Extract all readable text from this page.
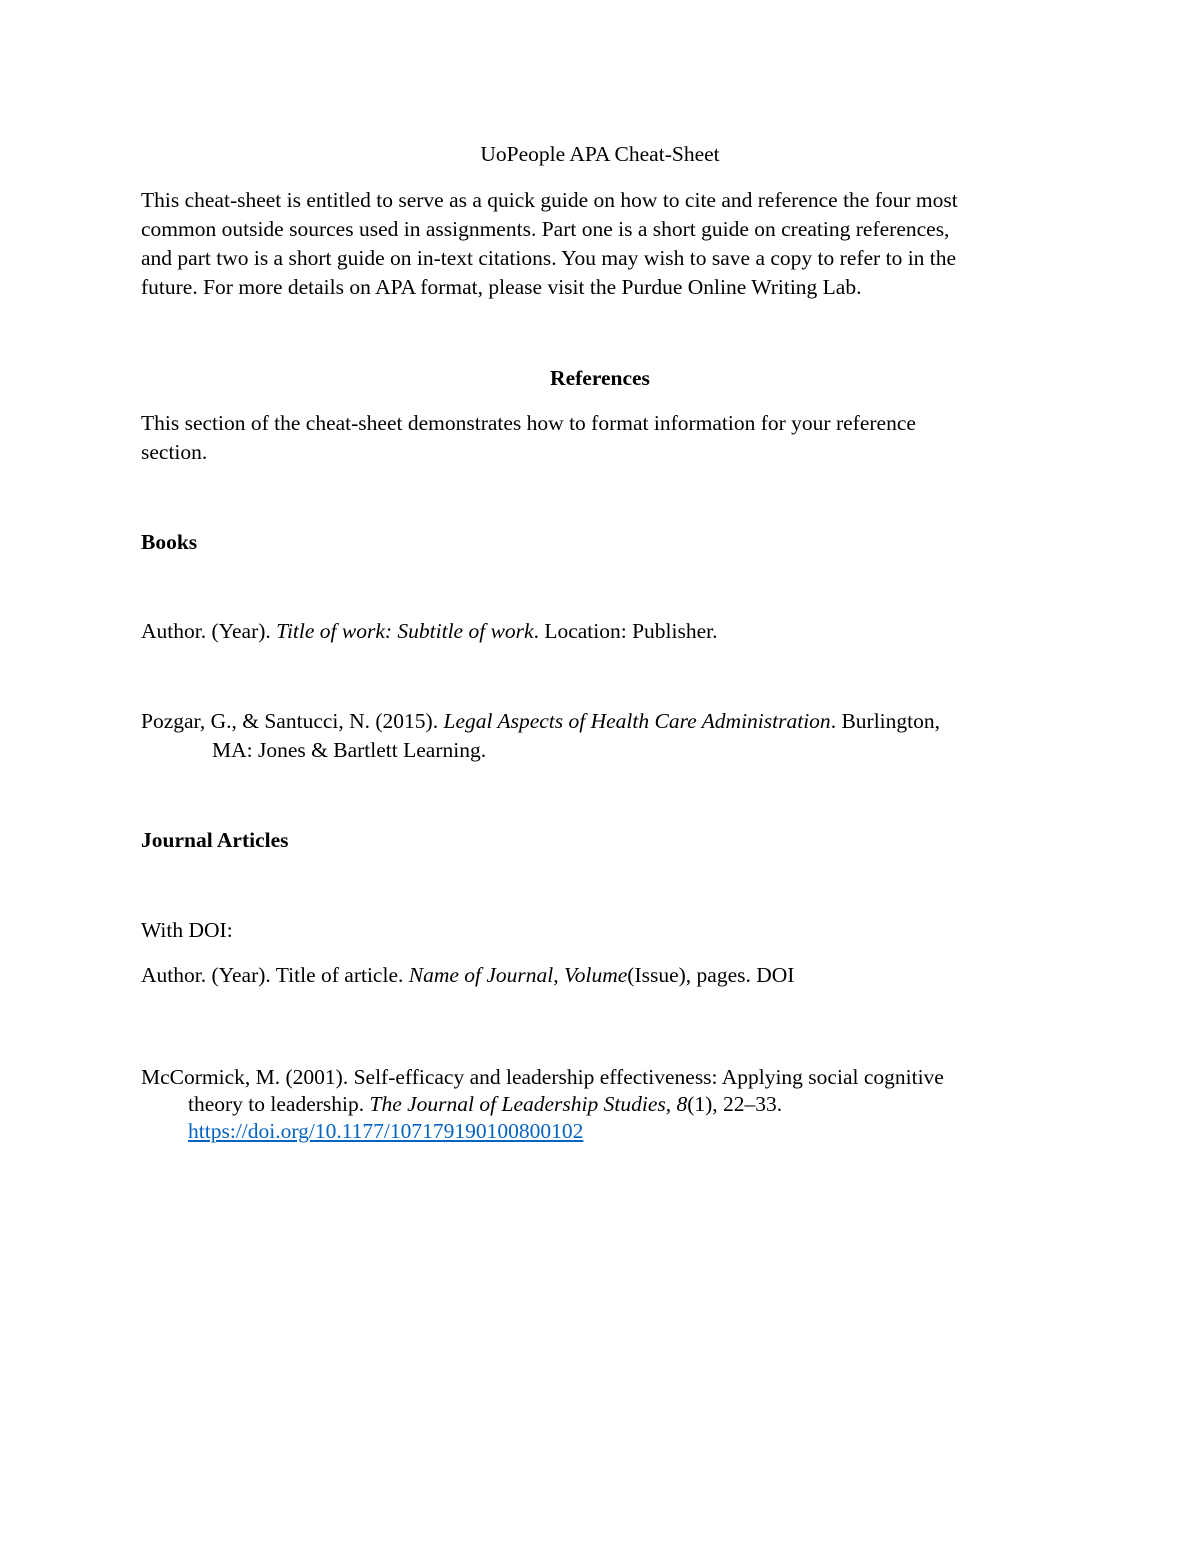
UoPeople APA Cheat-Sheet
This cheat-sheet is entitled to serve as a quick guide on how to cite and reference the four most
common outside sources used in assignments. Part one is a short guide on creating references,
and part two is a short guide on in-text citations. You may wish to save a copy to refer to in the
future. For more details on APA format, please visit the Purdue Online Writing Lab.
References
This section of the cheat-sheet demonstrates how to format information for your reference
section.
Books
Author. (Year). Title of work: Subtitle of work. Location: Publisher.
Pozgar, G., & Santucci, N. (2015). Legal Aspects of Health Care Administration. Burlington,
MA: Jones & Bartlett Learning.
Journal Articles
With DOI:
Author. (Year). Title of article. Name of Journal, Volume(Issue), pages. DOI
McCormick, M. (2001). Self-efficacy and leadership effectiveness: Applying social cognitive
theory to leadership. The Journal of Leadership Studies, 8(1), 22–33.
https://doi.org/10.1177/107179190100800102
